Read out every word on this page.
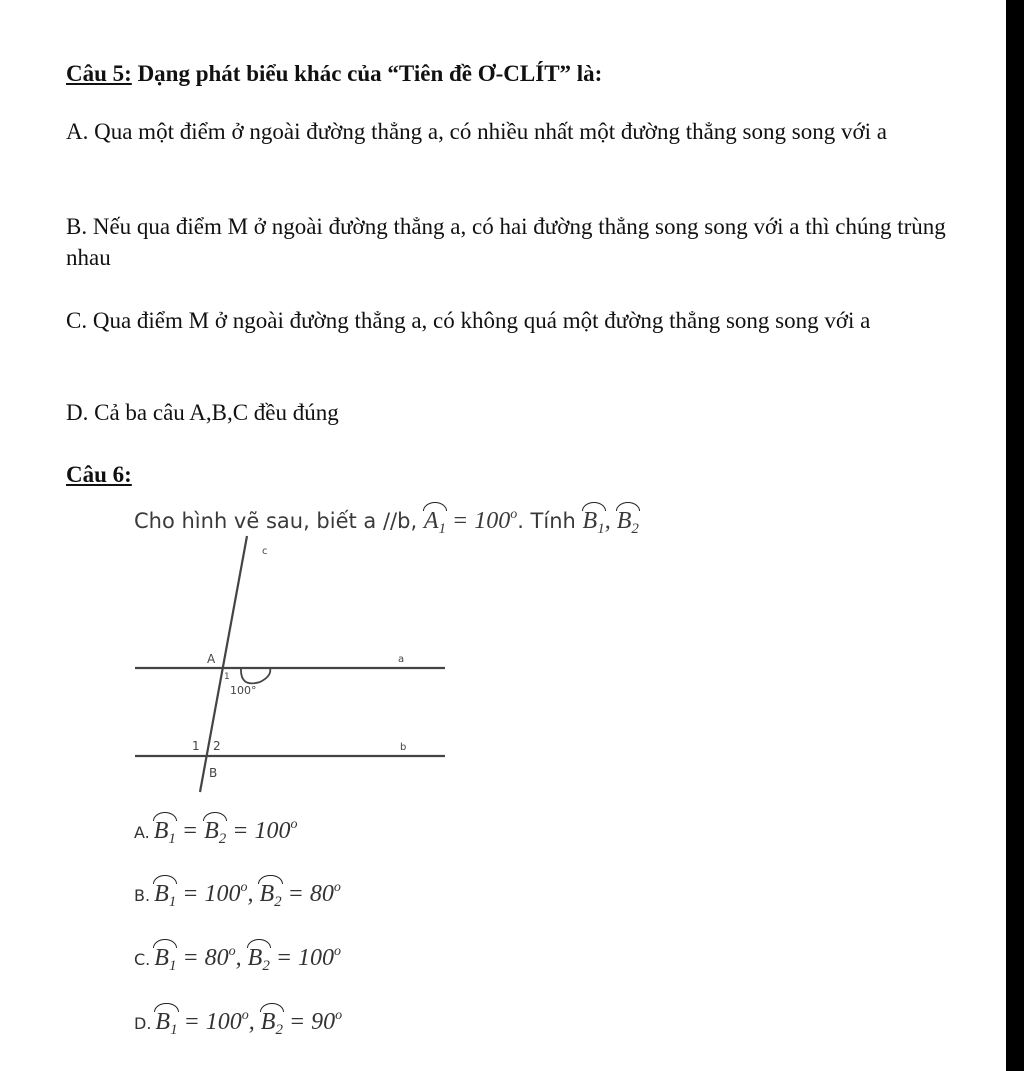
Câu 5: Dạng phát biểu khác của “Tiên đề Ơ-CLÍT” là:
A. Qua một điểm ở ngoài đường thẳng a, có nhiều nhất một đường thẳng song song với a
B. Nếu qua điểm M ở ngoài đường thẳng a, có hai đường thẳng song song với a thì chúng trùng nhau
C. Qua điểm M ở ngoài đường thẳng a, có không quá một đường thẳng song song với a
D. Cả ba câu A,B,C đều đúng
Câu 6:
Cho hình vẽ sau, biết a //b, $A_1 = 100^o$. Tính $B_1$, $B_2$
c
A	a
1
100°
1 2	b
B
A. $B_1 = B_2 = 100^o$
B. $B_1 = 100^o$, $B_2 = 80^o$
C. $B_1 = 80^o$, $B_2 = 100^o$
D. $B_1 = 100^o$, $B_2 = 90^o$
